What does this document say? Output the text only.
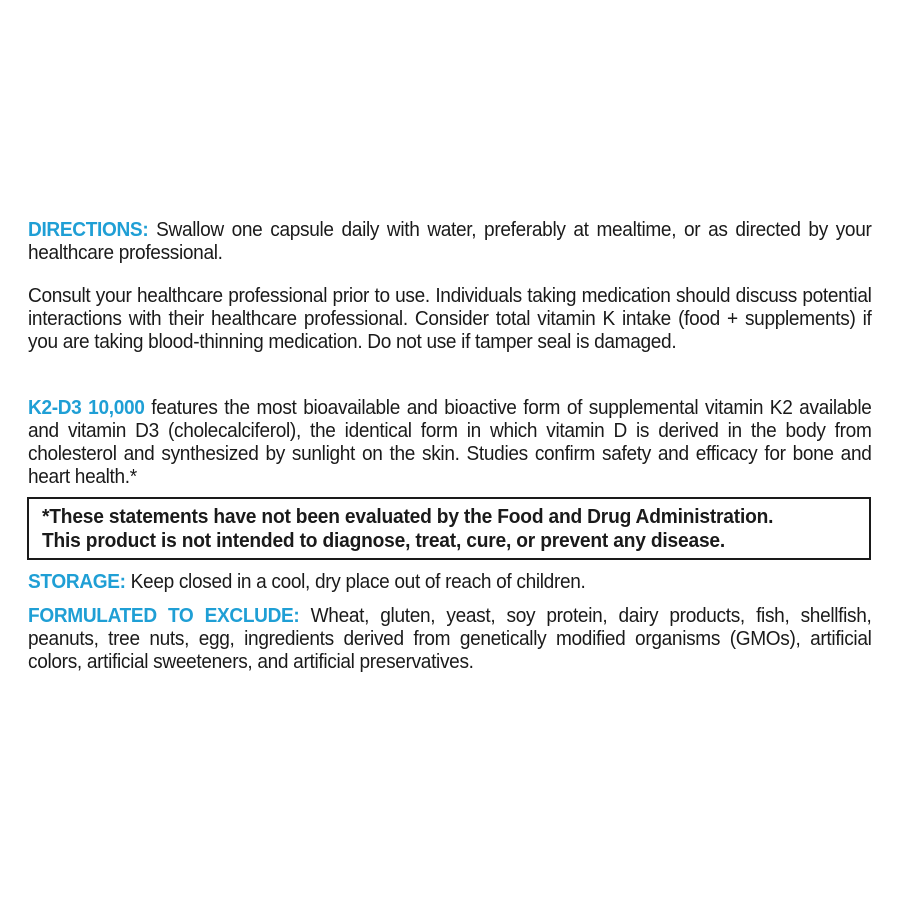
DIRECTIONS: Swallow one capsule daily with water, preferably at mealtime, or as directed by your healthcare professional.

Consult your healthcare professional prior to use. Individuals taking medication should discuss potential interactions with their healthcare professional. Consider total vitamin K intake (food + supplements) if you are taking blood-thinning medication. Do not use if tamper seal is damaged.

K2-D3 10,000 features the most bioavailable and bioactive form of supplemental vitamin K2 available and vitamin D3 (cholecalciferol), the identical form in which vitamin D is derived in the body from cholesterol and synthesized by sunlight on the skin. Studies confirm safety and efficacy for bone and heart health.*

*These statements have not been evaluated by the Food and Drug Administration.

This product is not intended to diagnose, treat, cure, or prevent any disease.

STORAGE: Keep closed in a cool, dry place out of reach of children.

FORMULATED TO EXCLUDE: Wheat, gluten, yeast, soy protein, dairy products, fish, shellfish, peanuts, tree nuts, egg, ingredients derived from genetically modified organisms (GMOs), artificial colors, artificial sweeteners, and artificial preservatives.
